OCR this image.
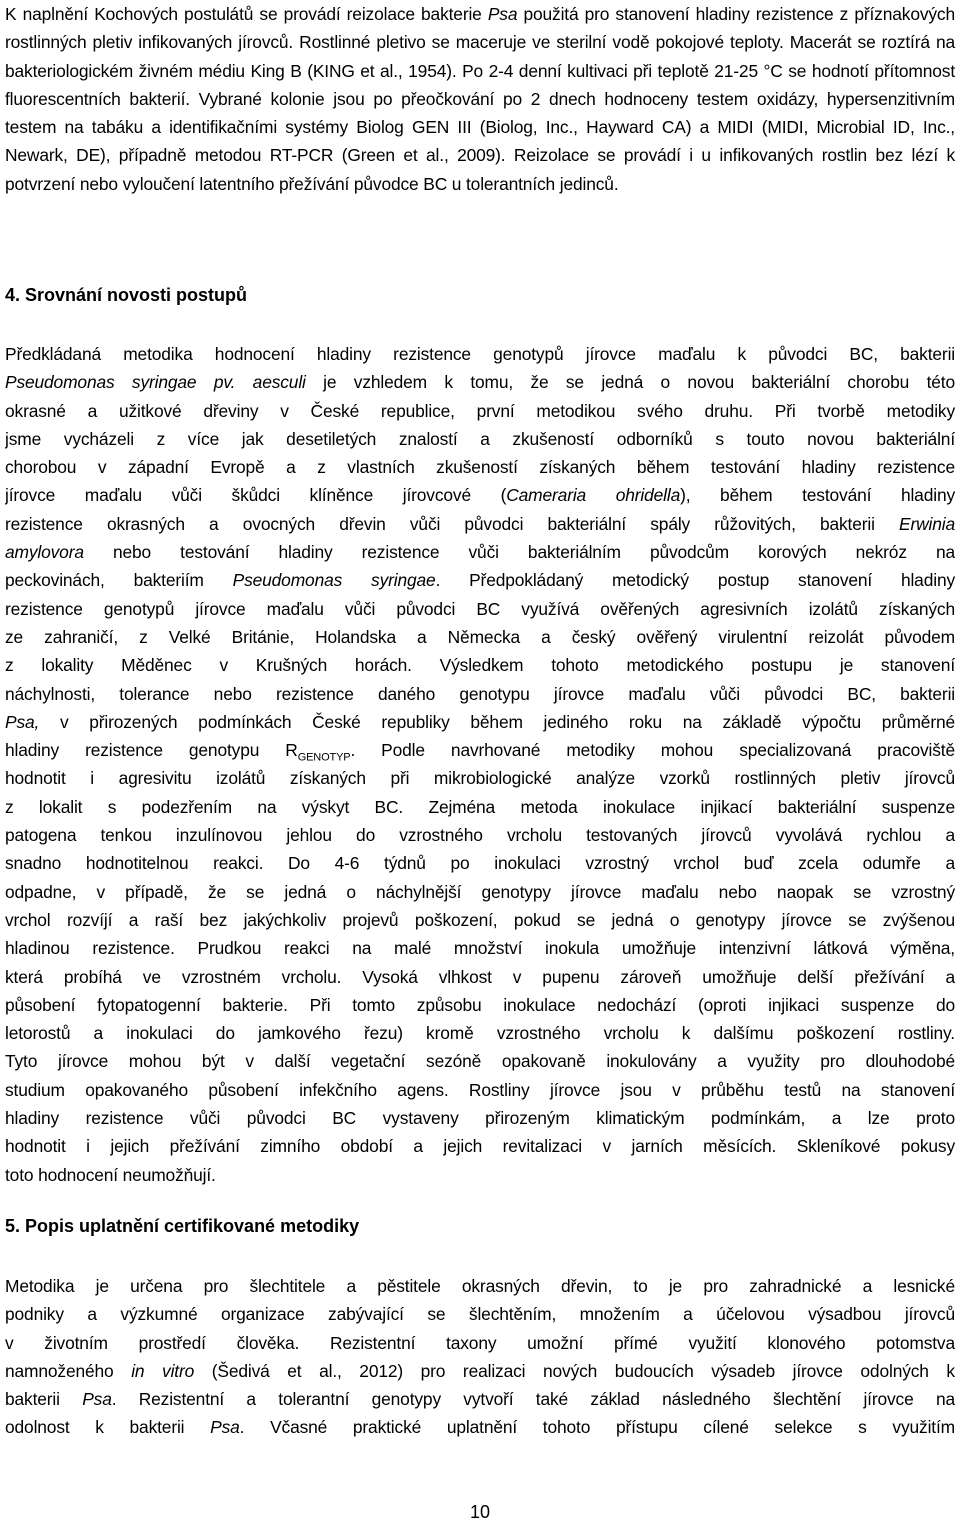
K naplnění Kochových postulátů se provádí reizolace bakterie Psa použitá pro stanovení hladiny rezistence z příznakových rostlinných pletiv infikovaných jírovců. Rostlinné pletivo se maceruje ve sterilní vodě pokojové teploty. Macerát se roztírá na bakteriologickém živném médiu King B (KING et al., 1954). Po 2-4 denní kultivaci při teplotě 21-25 °C se hodnotí přítomnost fluorescentních bakterií. Vybrané kolonie jsou po přeočkování po 2 dnech hodnoceny testem oxidázy, hypersenzitivním testem na tabáku a identifikačními systémy Biolog GEN III (Biolog, Inc., Hayward CA) a MIDI (MIDI, Microbial ID, Inc., Newark, DE), případně metodou RT-PCR (Green et al., 2009). Reizolace se provádí i u infikovaných rostlin bez lézí k potvrzení nebo vyloučení latentního přežívání původce BC u tolerantních jedinců.

4. Srovnání novosti postupů
Předkládaná metodika hodnocení hladiny rezistence genotypů jírovce maďalu k původci BC, bakterii
Pseudomonas syringae pv. aesculi je vzhledem k tomu, že se jedná o novou bakteriální chorobu této
okrasné a užitkové dřeviny v České republice, první metodikou svého druhu. Při tvorbě metodiky
jsme vycházeli z více jak desetiletých znalostí a zkušeností odborníků s touto novou bakteriální
chorobou v západní Evropě a z vlastních zkušeností získaných během testování hladiny rezistence
jírovce maďalu vůči škůdci klíněnce jírovcové (Cameraria ohridella), během testování hladiny
rezistence okrasných a ovocných dřevin vůči původci bakteriální spály růžovitých, bakterii Erwinia
amylovora nebo testování hladiny rezistence vůči bakteriálním původcům korových nekróz na
peckovinách, bakteriím Pseudomonas syringae. Předpokládaný metodický postup stanovení hladiny
rezistence genotypů jírovce maďalu vůči původci BC využívá ověřených agresivních izolátů získaných
ze zahraničí, z Velké Británie, Holandska a Německa a český ověřený virulentní reizolát původem
z lokality Měděnec v Krušných horách. Výsledkem tohoto metodického postupu je stanovení
náchylnosti, tolerance nebo rezistence daného genotypu jírovce maďalu vůči původci BC, bakterii
Psa, v přirozených podmínkách České republiky během jediného roku na základě výpočtu průměrné
hladiny rezistence genotypu $R_{GENOTYP}$. Podle navrhované metodiky mohou specializovaná pracoviště
hodnotit i agresivitu izolátů získaných při mikrobiologické analýze vzorků rostlinných pletiv jírovců
z lokalit s podezřením na výskyt BC. Zejména metoda inokulace injikací bakteriální suspenze
patogena tenkou inzulínovou jehlou do vzrostného vrcholu testovaných jírovců vyvolává rychlou a
snadno hodnotitelnou reakci. Do 4-6 týdnů po inokulaci vzrostný vrchol buď zcela odumře a
odpadne, v případě, že se jedná o náchylnější genotypy jírovce maďalu nebo naopak se vzrostný
vrchol rozvíjí a raší bez jakýchkoliv projevů poškození, pokud se jedná o genotypy jírovce se zvýšenou
hladinou rezistence. Prudkou reakci na malé množství inokula umožňuje intenzivní látková výměna,
která probíhá ve vzrostném vrcholu. Vysoká vlhkost v pupenu zároveň umožňuje delší přežívání a
působení fytopatogenní bakterie. Při tomto způsobu inokulace nedochází (oproti injikaci suspenze do
letorostů a inokulaci do jamkového řezu) kromě vzrostného vrcholu k dalšímu poškození rostliny.
Tyto jírovce mohou být v další vegetační sezóně opakovaně inokulovány a využity pro dlouhodobé
studium opakovaného působení infekčního agens. Rostliny jírovce jsou v průběhu testů na stanovení
hladiny rezistence vůči původci BC vystaveny přirozeným klimatickým podmínkám, a lze proto
hodnotit i jejich přežívání zimního období a jejich revitalizaci v jarních měsících. Skleníkové pokusy
toto hodnocení neumožňují.
5. Popis uplatnění certifikované metodiky
Metodika je určena pro šlechtitele a pěstitele okrasných dřevin, to je pro zahradnické a lesnické
podniky a výzkumné organizace zabývající se šlechtěním, množením a účelovou výsadbou jírovců
v životním prostředí člověka. Rezistentní taxony umožní přímé využití klonového potomstva
namnoženého in vitro (Šedivá et al., 2012) pro realizaci nových budoucích výsadeb jírovce odolných k
bakterii Psa. Rezistentní a tolerantní genotypy vytvoří také základ následného šlechtění jírovce na
odolnost k bakterii Psa. Včasné praktické uplatnění tohoto přístupu cílené selekce s využitím
10
